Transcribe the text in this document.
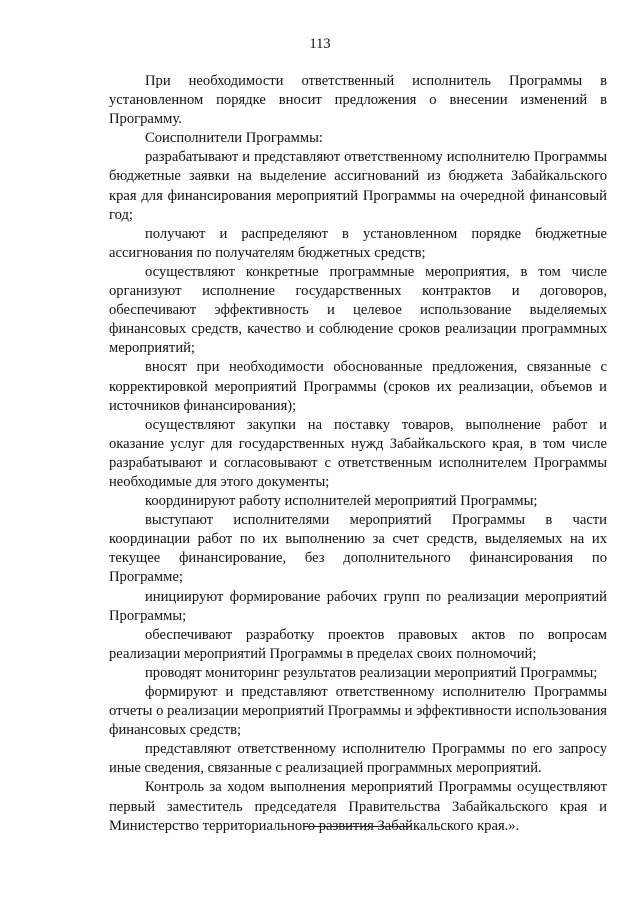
113

При необходимости ответственный исполнитель Программы в установленном порядке вносит предложения о внесении изменений в Программу.

Соисполнители Программы:

разрабатывают и представляют ответственному исполнителю Программы бюджетные заявки на выделение ассигнований из бюджета Забайкальского края для финансирования мероприятий Программы на очередной финансовый год;

получают и распределяют в установленном порядке бюджетные ассигнования по получателям бюджетных средств;

осуществляют конкретные программные мероприятия, в том числе организуют исполнение государственных контрактов и договоров, обеспечивают эффективность и целевое использование выделяемых финансовых средств, качество и соблюдение сроков реализации программных мероприятий;

вносят при необходимости обоснованные предложения, связанные с корректировкой мероприятий Программы (сроков их реализации, объемов и источников финансирования);

осуществляют закупки на поставку товаров, выполнение работ и оказание услуг для государственных нужд Забайкальского края, в том числе разрабатывают и согласовывают с ответственным исполнителем Программы необходимые для этого документы;

координируют работу исполнителей мероприятий Программы;

выступают исполнителями мероприятий Программы в части координации работ по их выполнению за счет средств, выделяемых на их текущее финансирование, без дополнительного финансирования по Программе;

инициируют формирование рабочих групп по реализации мероприятий Программы;

обеспечивают разработку проектов правовых актов по вопросам реализации мероприятий Программы в пределах своих полномочий;

проводят мониторинг результатов реализации мероприятий Программы;

формируют и представляют ответственному исполнителю Программы отчеты о реализации мероприятий Программы и эффективности использования финансовых средств;

представляют ответственному исполнителю Программы по его запросу иные сведения, связанные с реализацией программных мероприятий.

Контроль за ходом выполнения мероприятий Программы осуществляют первый заместитель председателя Правительства Забайкальского края и Министерство территориального развития Забайкальского края.».
